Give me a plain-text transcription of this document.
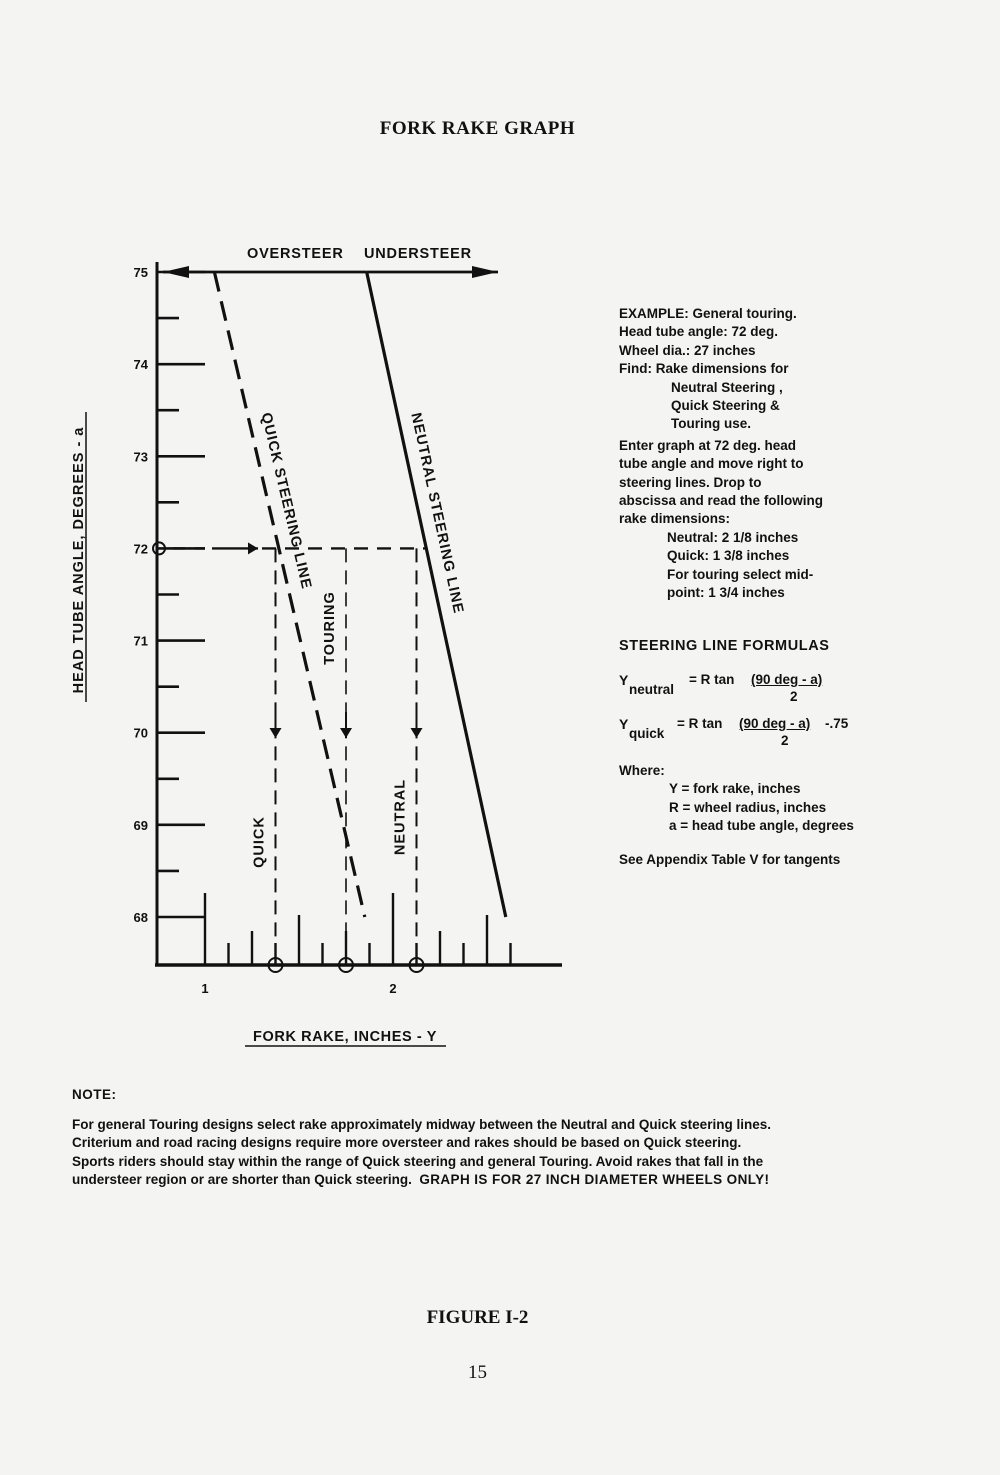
FORK RAKE GRAPH
68
69
70
71
72
73
74
75
1	2
HEAD TUBE ANGLE, DEGREES - a
FORK RAKE, INCHES - Y
OVERSTEER UNDERSTEER
QUICK STEERING LINE	NEUTRAL STEERING LINE
QUICK
TOURING
NEUTRAL
EXAMPLE: General touring.
Head tube angle: 72 deg.
Wheel dia.: 27 inches
Find: Rake dimensions for
Neutral Steering ,
Quick Steering &
Touring use.
Enter graph at 72 deg. head
tube angle and move right to
steering lines. Drop to
abscissa and read the following
rake dimensions:
Neutral: 2 1/8 inches
Quick: 1 3/8 inches
For touring select mid-
point: 1 3/4 inches
STEERING LINE FORMULAS
Y
neutral
= R tan (90 deg - a)
2
Y
quick
= R tan (90 deg - a) -.75
2
Where:
Y = fork rake, inches
R = wheel radius, inches
a = head tube angle, degrees
See Appendix Table V for tangents
NOTE:
For general Touring designs select rake approximately midway between the Neutral and Quick steering lines. Criterium and road racing designs require more oversteer and rakes should be based on Quick steering. Sports riders should stay within the range of Quick steering and general Touring. Avoid rakes that fall in the understeer region or are shorter than Quick steering. GRAPH IS FOR 27 INCH DIAMETER WHEELS ONLY!
FIGURE I-2
15
